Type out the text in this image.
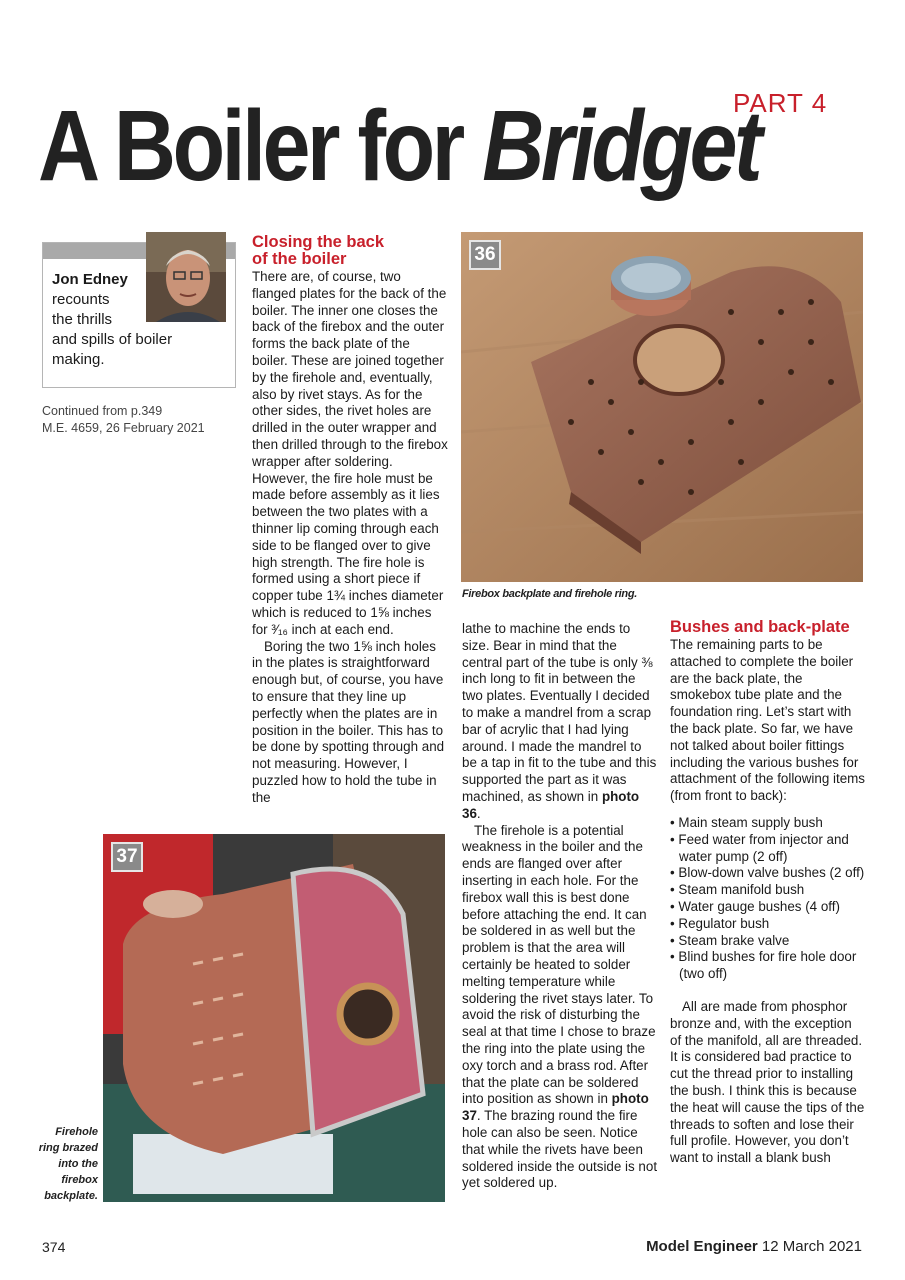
PART 4
A Boiler for Bridget
Jon Edney
recounts
the thrills
and spills of boiler
making.
Continued from p.349
M.E. 4659, 26 February 2021
Closing the back
of the boiler

There are, of course, two flanged plates for the back of the boiler. The inner one closes the back of the firebox and the outer forms the back plate of the boiler. These are joined together by the firehole and, eventually, also by rivet stays. As for the other sides, the rivet holes are drilled in the outer wrapper and then drilled through to the firebox wrapper after soldering. However, the fire hole must be made before assembly as it lies between the two plates with a thinner lip coming through each side to be flanged over to give high strength. The fire hole is formed using a short piece if copper tube 1¾ inches diameter which is reduced to 1⅝ inches for ³⁄₁₆ inch at each end.

Boring the two 1⅝ inch holes in the plates is straightforward enough but, of course, you have to ensure that they line up perfectly when the plates are in position in the boiler. This has to be done by spotting through and not measuring. However, I puzzled how to hold the tube in the

36
Firebox backplate and firehole ring.

lathe to machine the ends to size. Bear in mind that the central part of the tube is only ⅜ inch long to fit in between the two plates. Eventually I decided to make a mandrel from a scrap bar of acrylic that I had lying around. I made the mandrel to be a tap in fit to the tube and this supported the part as it was machined, as shown in photo 36.

The firehole is a potential weakness in the boiler and the ends are flanged over after inserting in each hole. For the firebox wall this is best done before attaching the end. It can be soldered in as well but the problem is that the area will certainly be heated to solder melting temperature while soldering the rivet stays later. To avoid the risk of disturbing the seal at that time I chose to braze the ring into the plate using the oxy torch and a brass rod. After that the plate can be soldered into position as shown in photo 37. The brazing round the fire hole can also be seen. Notice that while the rivets have been soldered inside the outside is not yet soldered up.

Bushes and back-plate

The remaining parts to be attached to complete the boiler are the back plate, the smokebox tube plate and the foundation ring. Let’s start with the back plate. So far, we have not talked about boiler fittings including the various bushes for attachment of the following items (from front to back):

• Main steam supply bush
• Feed water from injector and water pump (2 off)
• Blow-down valve bushes (2 off)
• Steam manifold bush
• Water gauge bushes (4 off)
• Regulator bush
• Steam brake valve
• Blind bushes for fire hole door (two off)

All are made from phosphor bronze and, with the exception of the manifold, all are threaded. It is considered bad practice to cut the thread prior to installing the bush. I think this is because the heat will cause the tips of the threads to soften and lose their full profile. However, you don’t want to install a blank bush

37
Firehole
ring brazed
into the
firebox
backplate.
374	Model Engineer 12 March 2021
